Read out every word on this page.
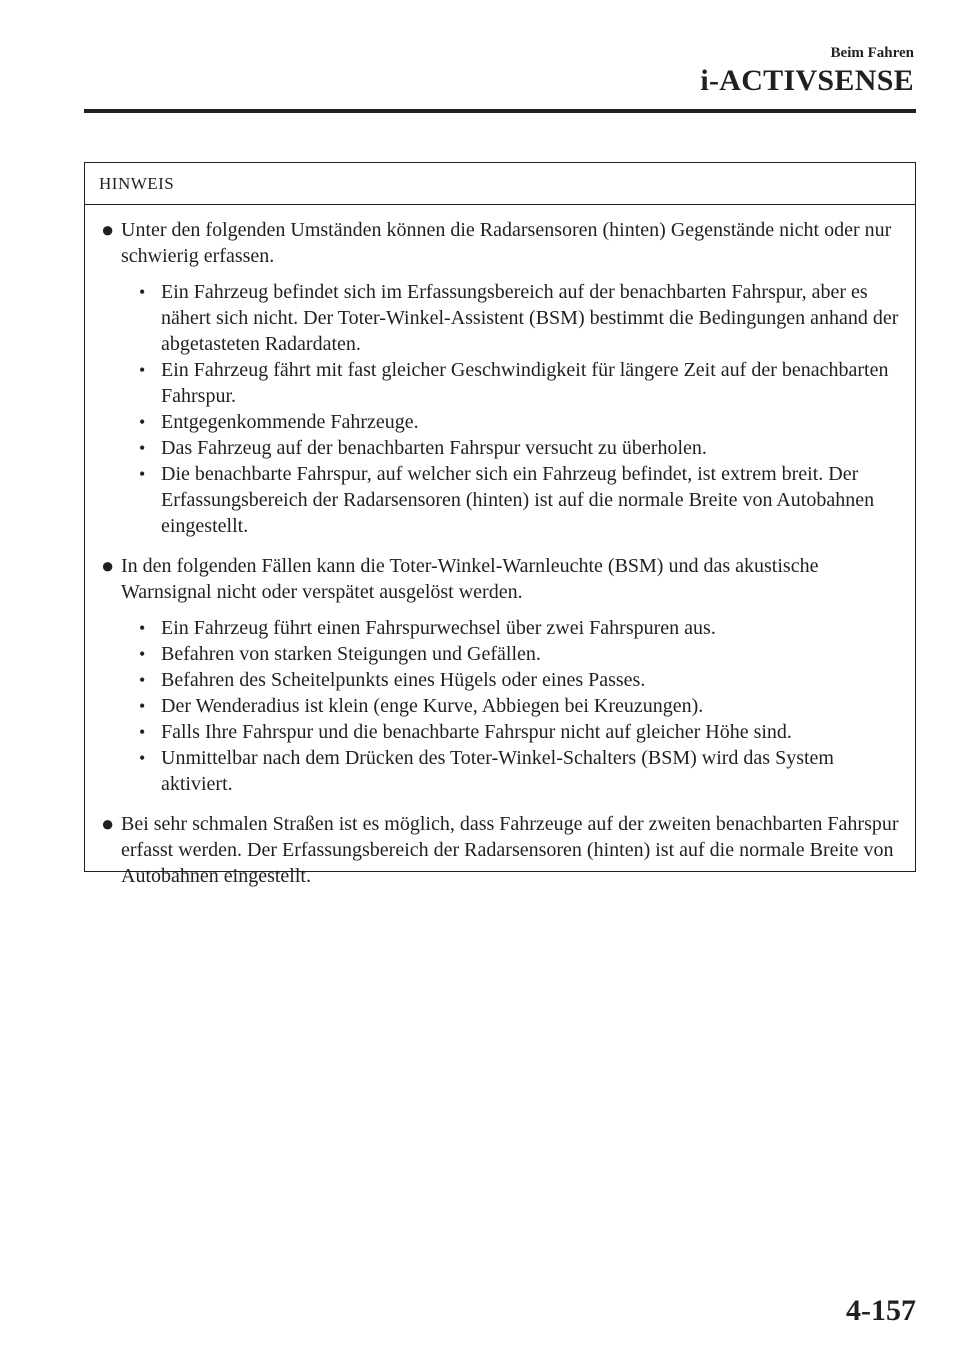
Beim Fahren
i-ACTIVSENSE
HINWEIS
● Unter den folgenden Umständen können die Radarsensoren (hinten) Gegenstände nicht oder nur schwierig erfassen.
• Ein Fahrzeug befindet sich im Erfassungsbereich auf der benachbarten Fahrspur, aber es nähert sich nicht. Der Toter-Winkel-Assistent (BSM) bestimmt die Bedingungen anhand der abgetasteten Radardaten.
• Ein Fahrzeug fährt mit fast gleicher Geschwindigkeit für längere Zeit auf der benachbarten Fahrspur.
• Entgegenkommende Fahrzeuge.
• Das Fahrzeug auf der benachbarten Fahrspur versucht zu überholen.
• Die benachbarte Fahrspur, auf welcher sich ein Fahrzeug befindet, ist extrem breit. Der Erfassungsbereich der Radarsensoren (hinten) ist auf die normale Breite von Autobahnen eingestellt.
● In den folgenden Fällen kann die Toter-Winkel-Warnleuchte (BSM) und das akustische Warnsignal nicht oder verspätet ausgelöst werden.
• Ein Fahrzeug führt einen Fahrspurwechsel über zwei Fahrspuren aus.
• Befahren von starken Steigungen und Gefällen.
• Befahren des Scheitelpunkts eines Hügels oder eines Passes.
• Der Wenderadius ist klein (enge Kurve, Abbiegen bei Kreuzungen).
• Falls Ihre Fahrspur und die benachbarte Fahrspur nicht auf gleicher Höhe sind.
• Unmittelbar nach dem Drücken des Toter-Winkel-Schalters (BSM) wird das System aktiviert.
● Bei sehr schmalen Straßen ist es möglich, dass Fahrzeuge auf der zweiten benachbarten Fahrspur erfasst werden. Der Erfassungsbereich der Radarsensoren (hinten) ist auf die normale Breite von Autobahnen eingestellt.
4-157
